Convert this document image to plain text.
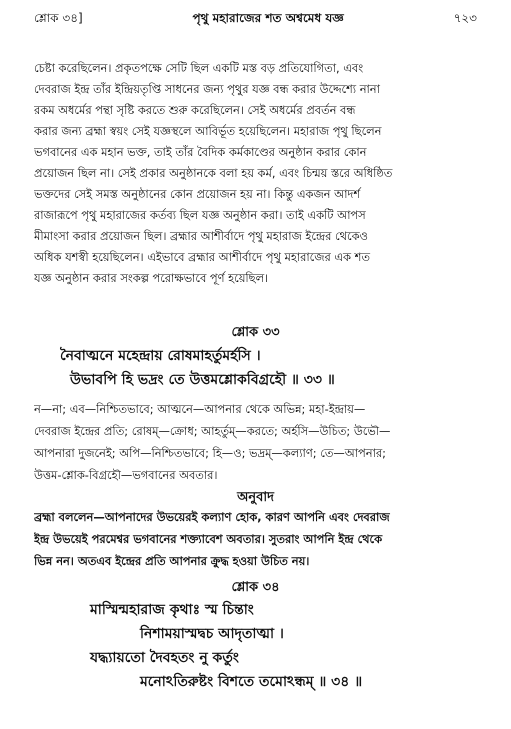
শ্লোক ৩৪]	পৃথু মহারাজের শত অশ্বমেধ যজ্ঞ	৭২৩
চেষ্টা করেছিলেন। প্রকৃতপক্ষে সেটি ছিল একটি মস্ত বড় প্রতিযোগিতা, এবং
দেবরাজ ইন্দ্র তাঁর ইন্দ্রিয়তৃপ্তি সাধনের জন্য পৃথুর যজ্ঞ বন্ধ করার উদ্দেশ্যে নানা
রকম অধর্মের পন্থা সৃষ্টি করতে শুরু করেছিলেন। সেই অধর্মের প্রবর্তন বন্ধ
করার জন্য ব্রহ্মা স্বয়ং সেই যজ্ঞস্থলে আবির্ভূত হয়েছিলেন। মহারাজ পৃথু ছিলেন
ভগবানের এক মহান ভক্ত, তাই তাঁর বৈদিক কর্মকাণ্ডের অনুষ্ঠান করার কোন
প্রয়োজন ছিল না। সেই প্রকার অনুষ্ঠানকে বলা হয় কর্ম, এবং চিন্ময় স্তরে অধিষ্ঠিত
ভক্তদের সেই সমস্ত অনুষ্ঠানের কোন প্রয়োজন হয় না। কিন্তু একজন আদর্শ
রাজারূপে পৃথু মহারাজের কর্তব্য ছিল যজ্ঞ অনুষ্ঠান করা। তাই একটি আপস
মীমাংসা করার প্রয়োজন ছিল। ব্রহ্মার আশীর্বাদে পৃথু মহারাজ ইন্দ্রের থেকেও
অধিক যশস্বী হয়েছিলেন। এইভাবে ব্রহ্মার আশীর্বাদে পৃথু মহারাজের এক শত
যজ্ঞ অনুষ্ঠান করার সংকল্প পরোক্ষভাবে পূর্ণ হয়েছিল।
শ্লোক ৩৩
নৈবাত্মনে মহেন্দ্রায় রোষমাহর্তুমর্হসি ।
উভাবপি হি ভদ্রং তে উত্তমশ্লোকবিগ্রহৌ ॥ ৩৩ ॥
ন—না; এব—নিশ্চিতভাবে; আত্মনে—আপনার থেকে অভিন্ন; মহা-ইন্দ্রায়—
দেবরাজ ইন্দ্রের প্রতি; রোষম্—ক্রোধ; আহর্তুম্—করতে; অর্হসি—উচিত; উভৌ—
আপনারা দুজনেই; অপি—নিশ্চিতভাবে; হি—ও; ভদ্রম্—কল্যাণ; তে—আপনার;
উত্তম-শ্লোক-বিগ্রহৌ—ভগবানের অবতার।
অনুবাদ
ব্রহ্মা বললেন—আপনাদের উভয়েরই কল্যাণ হোক, কারণ আপনি এবং দেবরাজ
ইন্দ্র উভয়েই পরমেশ্বর ভগবানের শক্ত্যাবেশ অবতার। সুতরাং আপনি ইন্দ্র থেকে
ভিন্ন নন। অতএব ইন্দ্রের প্রতি আপনার ক্রুদ্ধ হওয়া উচিত নয়।
শ্লোক ৩৪
মাস্মিন্মহারাজ কৃথাঃ স্ম চিন্তাং
নিশাময়াস্মদ্বচ আদৃতাত্মা ।
যদ্ধ্যায়তো দৈবহতং নু কর্তুং
মনোঽতিরুষ্টং বিশতে তমোঽন্ধম্ ॥ ৩৪ ॥
